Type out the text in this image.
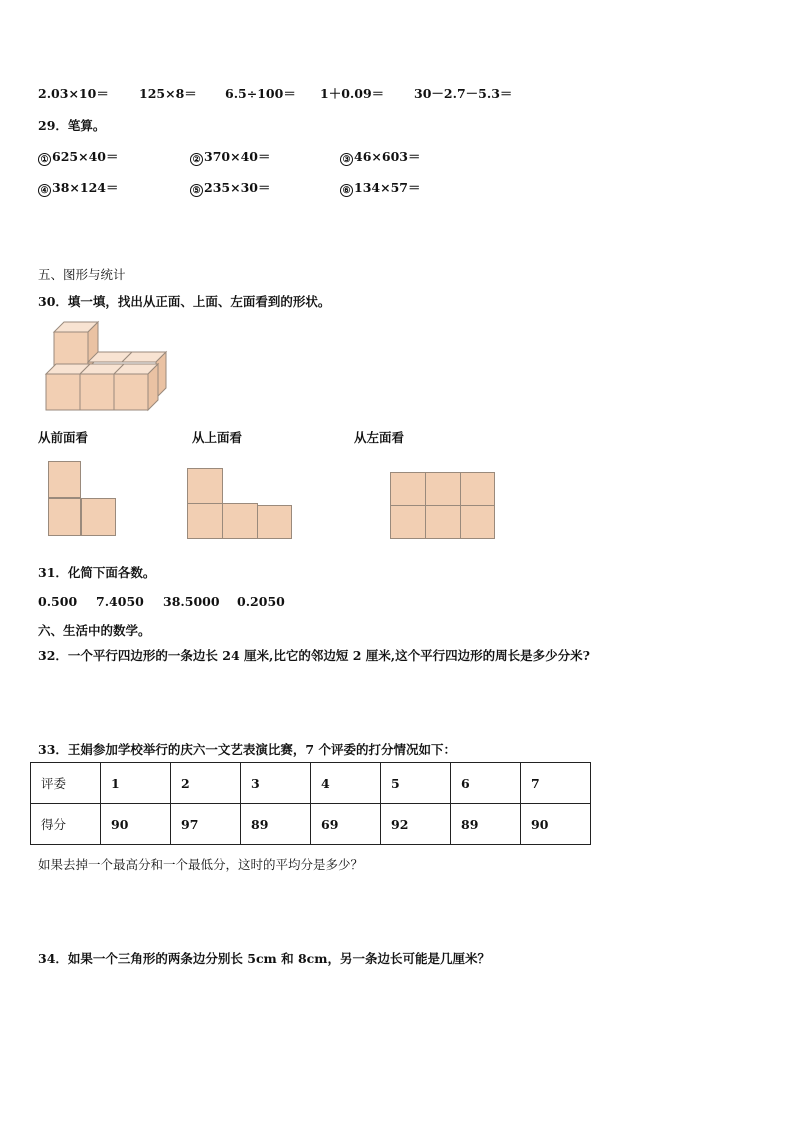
2.03×10＝ 125×8＝ 6.5÷100＝ 1＋0.09＝ 30－2.7－5.3＝
29．笔算。
① 625×40＝	② 370×40＝	③ 46×603＝
④ 38×124＝	⑤ 235×30＝	⑥ 134×57＝
五、图形与统计
30．填一填，找出从正面、上面、左面看到的形状。
从前面看	从上面看	从左面看
31．化简下面各数。
0.500 7.4050 38.5000 0.2050
六、生活中的数学。
32．一个平行四边形的一条边长 24 厘米,比它的邻边短 2 厘米,这个平行四边形的周长是多少分米?
33．王娟参加学校举行的庆六一文艺表演比赛，7 个评委的打分情况如下：
评委	1	2	3	4	5	6	7
得分	90	97	89	69	92	89	90
如果去掉一个最高分和一个最低分，这时的平均分是多少？
34．如果一个三角形的两条边分别长 5cm 和 8cm，另一条边长可能是几厘米？
